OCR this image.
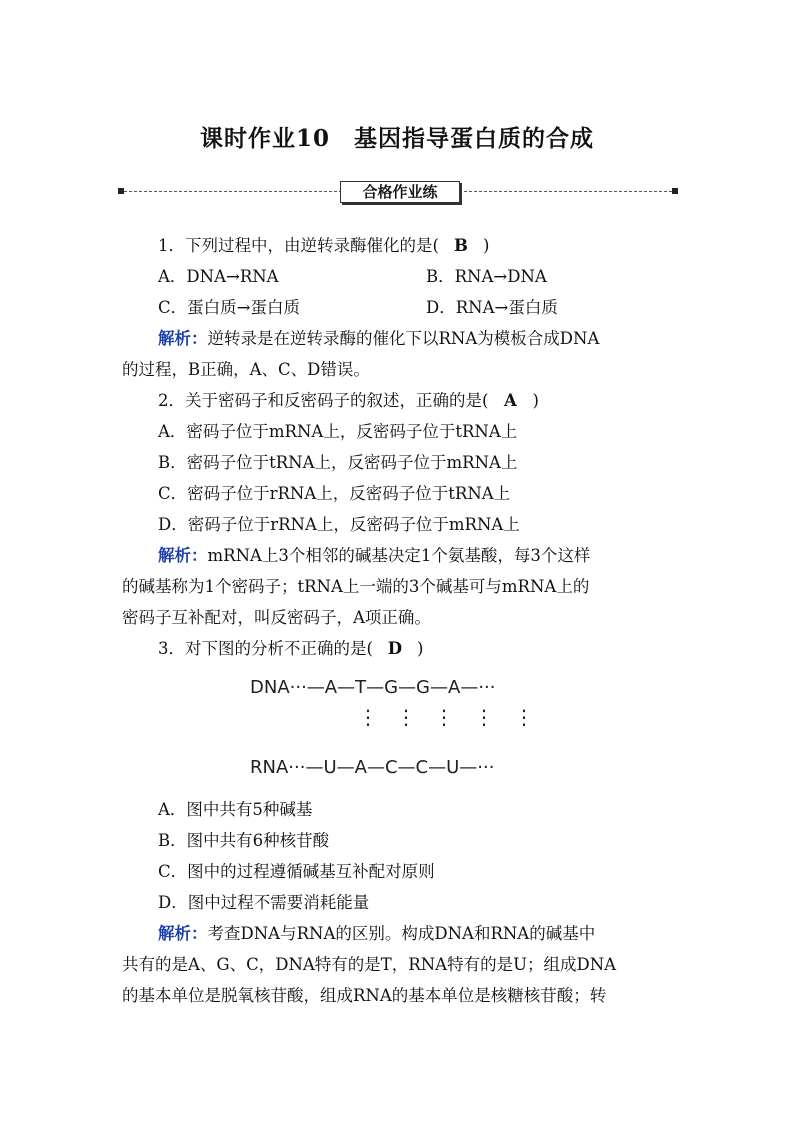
课时作业10　基因指导蛋白质的合成
合格作业练
1．下列过程中，由逆转录酶催化的是( B )
A．DNA→RNA	B．RNA→DNA
C．蛋白质→蛋白质	D．RNA→蛋白质
解析：逆转录是在逆转录酶的催化下以RNA为模板合成DNA
的过程，B正确，A、C、D错误。
2．关于密码子和反密码子的叙述，正确的是( A )
A．密码子位于mRNA上，反密码子位于tRNA上
B．密码子位于tRNA上，反密码子位于mRNA上
C．密码子位于rRNA上，反密码子位于tRNA上
D．密码子位于rRNA上，反密码子位于mRNA上
解析：mRNA上3个相邻的碱基决定1个氨基酸，每3个这样
的碱基称为1个密码子；tRNA上一端的3个碱基可与mRNA上的
密码子互补配对，叫反密码子，A项正确。
3．对下图的分析不正确的是( D )
DNA···—A—T—G—G—A—···
⋮ ⋮ ⋮ ⋮ ⋮
RNA···—U—A—C—C—U—···
A．图中共有5种碱基
B．图中共有6种核苷酸
C．图中的过程遵循碱基互补配对原则
D．图中过程不需要消耗能量
解析：考查DNA与RNA的区别。构成DNA和RNA的碱基中
共有的是A、G、C，DNA特有的是T，RNA特有的是U；组成DNA
的基本单位是脱氧核苷酸，组成RNA的基本单位是核糖核苷酸；转
